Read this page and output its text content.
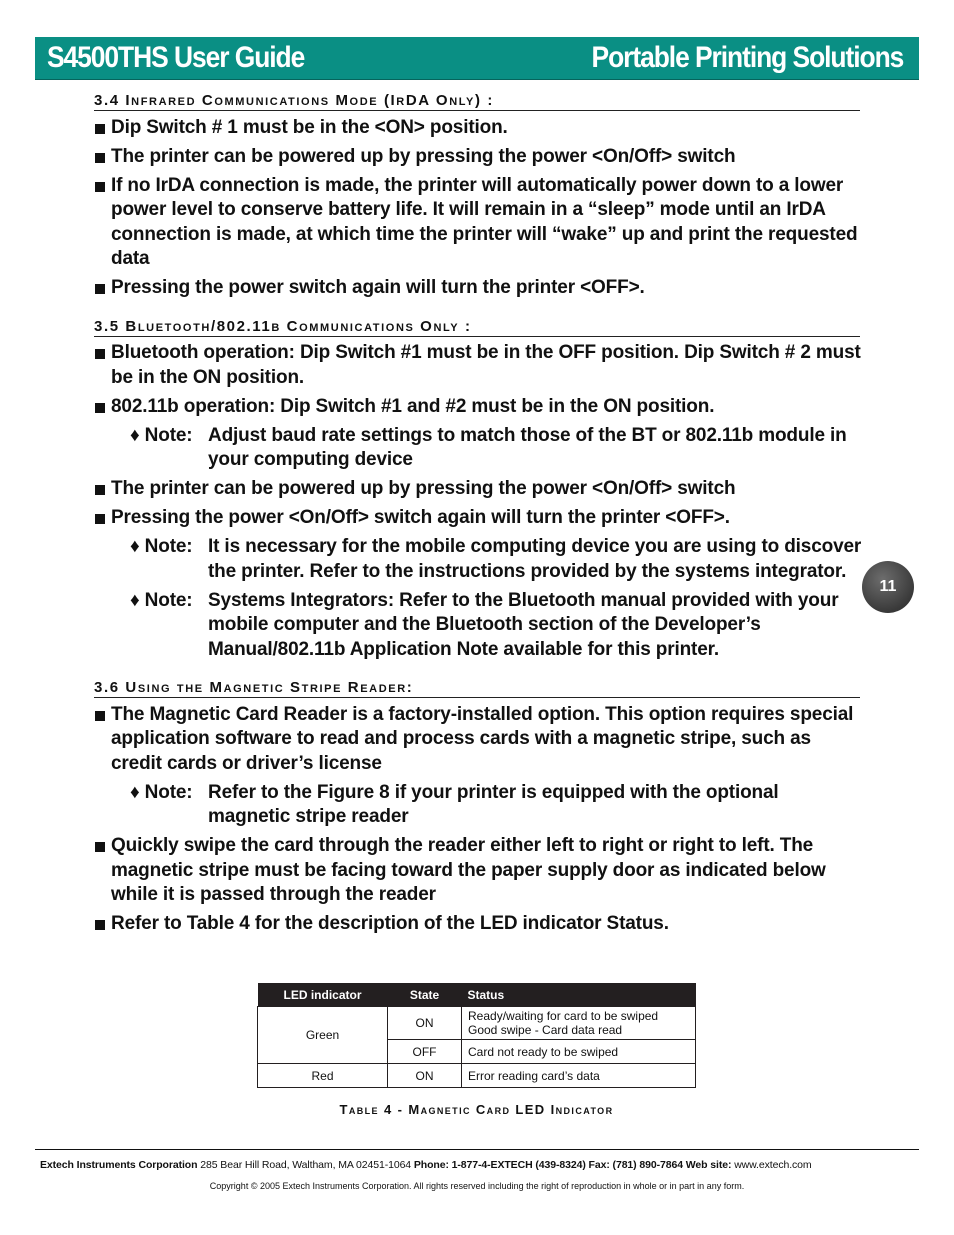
S4500THS User Guide	Portable Printing Solutions
3.4 Infrared Communications Mode (IrDA Only) :
Dip Switch # 1 must be in the <ON> position.
The printer can be powered up by pressing the power <On/Off> switch
If no IrDA connection is made, the printer will automatically power down to a lower power level to conserve battery life. It will remain in a “sleep” mode until an IrDA connection is made, at which time the printer will “wake” up and print the requested data
Pressing the power switch again will turn the printer <OFF>.
3.5 Bluetooth/802.11b Communications Only :
Bluetooth operation: Dip Switch #1 must be in the OFF position. Dip Switch # 2 must be in the ON position.
802.11b operation: Dip Switch #1 and #2 must be in the ON position.
♦ Note: Adjust baud rate settings to match those of the BT or 802.11b module in your computing device
The printer can be powered up by pressing the power <On/Off> switch
Pressing the power <On/Off> switch again will turn the printer <OFF>.
♦ Note: It is necessary for the mobile computing device you are using to discover the printer. Refer to the instructions provided by the systems integrator.
♦ Note: Systems Integrators: Refer to the Bluetooth manual provided with your mobile computer and the Bluetooth section of the Developer’s Manual/802.11b Application Note available for this printer.
3.6 Using the Magnetic Stripe Reader:
The Magnetic Card Reader is a factory-installed option. This option requires special application software to read and process cards with a magnetic stripe, such as credit cards or driver’s license
♦ Note: Refer to the Figure 8 if your printer is equipped with the optional magnetic stripe reader
Quickly swipe the card through the reader either left to right or right to left. The magnetic stripe must be facing toward the paper supply door as indicated below while it is passed through the reader
Refer to Table 4 for the description of the LED indicator Status.
11
LED indicator	State	Status
Green	ON	Ready/waiting for card to be swiped
Good swipe - Card data read

	OFF	Card not ready to be swiped
Red	ON	Error reading card’s data
Table 4 - Magnetic Card LED Indicator
Extech Instruments Corporation 285 Bear Hill Road, Waltham, MA 02451-1064 Phone: 1-877-4-EXTECH (439-8324) Fax: (781) 890-7864 Web site: www.extech.com
Copyright © 2005 Extech Instruments Corporation. All rights reserved including the right of reproduction in whole or in part in any form.
